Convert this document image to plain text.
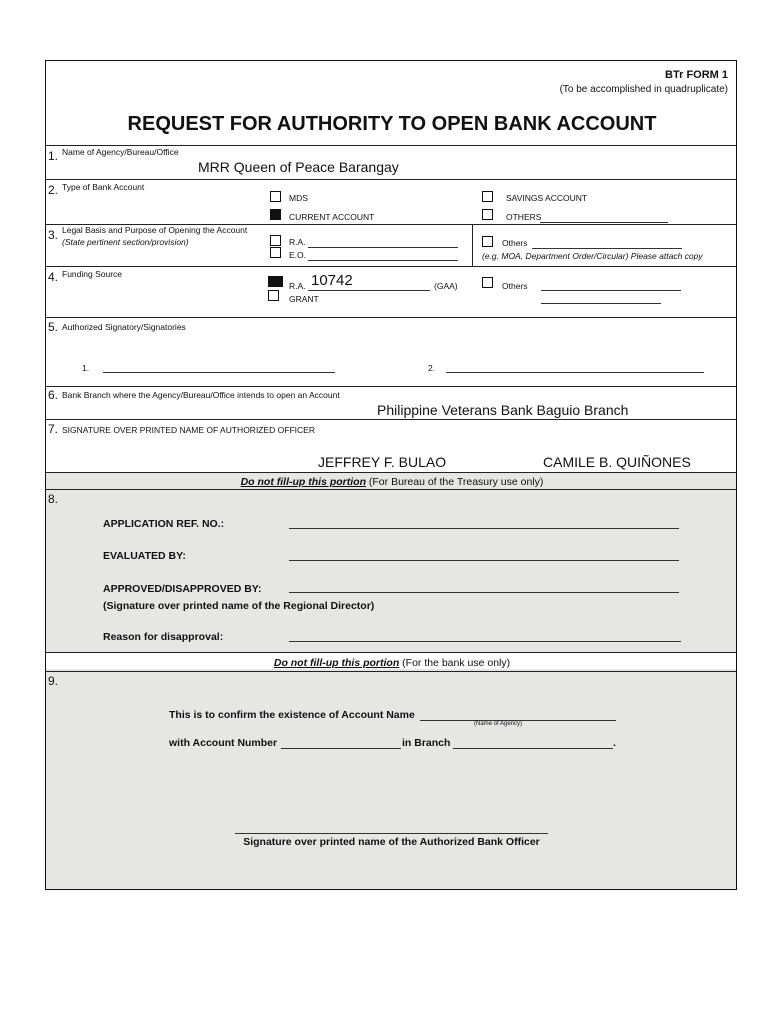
BTr FORM 1
(To be accomplished in quadruplicate)
REQUEST FOR AUTHORITY TO OPEN BANK ACCOUNT
1. Name of Agency/Bureau/Office
MRR Queen of Peace Barangay
2. Type of Bank Account
MDS
CURRENT ACCOUNT
SAVINGS ACCOUNT
OTHERS
3. Legal Basis and Purpose of Opening the Account
(State pertinent section/provision)	R.A.
E.O.
Others
(e.g. MOA, Department Order/Circular) Please attach copy
4. Funding Source
R.A. 10742	(GAA)
GRANT
Others
5. Authorized Signatory/Signatories
1.	2.
6. Bank Branch where the Agency/Bureau/Office intends to open an Account
Philippine Veterans Bank Baguio Branch
7. SIGNATURE OVER PRINTED NAME OF AUTHORIZED OFFICER
JEFFREY F. BULAO	CAMILE B. QUIÑONES
Do not fill-up this portion (For Bureau of the Treasury use only)
8.
APPLICATION REF. NO.:
EVALUATED BY:
APPROVED/DISAPPROVED BY:
(Signature over printed name of the Regional Director)
Reason for disapproval:
Do not fill-up this portion (For the bank use only)
9.
This is to confirm the existence of Account Name
(Name of Agency)
with Account Number	in Branch	.
Signature over printed name of the Authorized Bank Officer
